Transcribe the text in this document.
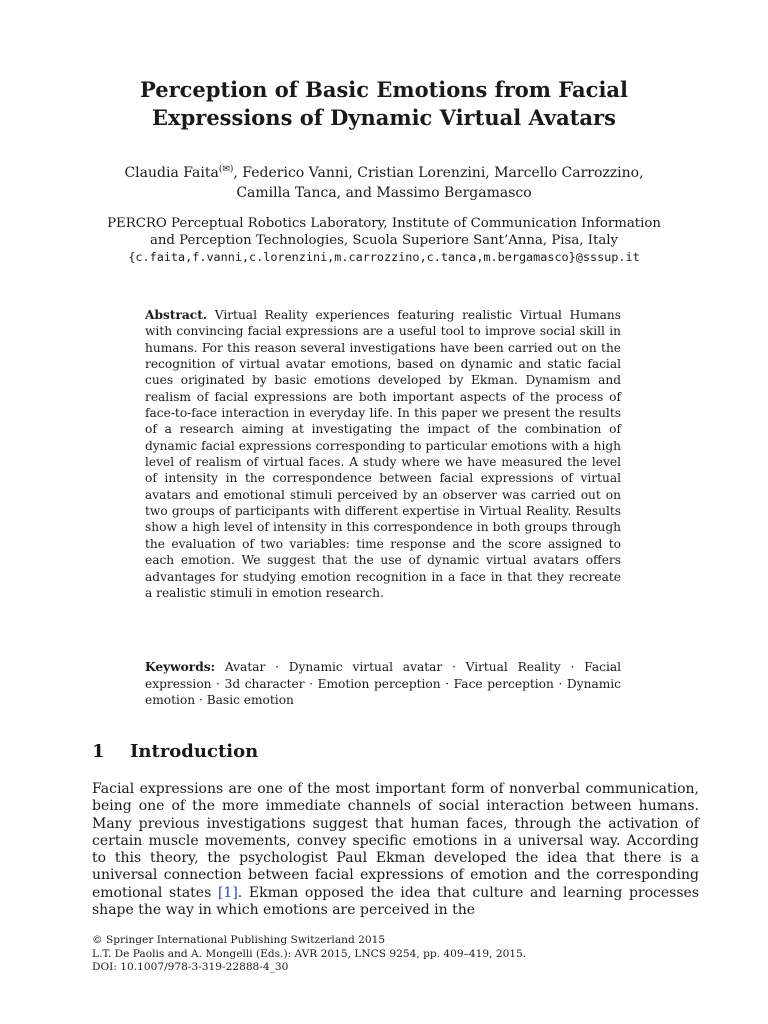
Perception of Basic Emotions from Facial
Expressions of Dynamic Virtual Avatars
Claudia Faita(✉), Federico Vanni, Cristian Lorenzini, Marcello Carrozzino,
Camilla Tanca, and Massimo Bergamasco
PERCRO Perceptual Robotics Laboratory, Institute of Communication Information
and Perception Technologies, Scuola Superiore Sant’Anna, Pisa, Italy
{c.faita,f.vanni,c.lorenzini,m.carrozzino,c.tanca,m.bergamasco}@sssup.it

Abstract. Virtual Reality experiences featuring realistic Virtual Humans with convincing facial expressions are a useful tool to improve social skill in humans. For this reason several investigations have been carried out on the recognition of virtual avatar emotions, based on dynamic and static facial cues originated by basic emotions developed by Ekman. Dynamism and realism of facial expressions are both important aspects of the process of face-to-face interaction in everyday life. In this paper we present the results of a research aiming at investigating the impact of the combination of dynamic facial expressions corresponding to particular emotions with a high level of realism of virtual faces. A study where we have measured the level of intensity in the correspondence between facial expressions of virtual avatars and emotional stimuli perceived by an observer was carried out on two groups of participants with different expertise in Virtual Reality. Results show a high level of intensity in this correspondence in both groups through the evaluation of two variables: time response and the score assigned to each emotion. We suggest that the use of dynamic virtual avatars offers advantages for studying emotion recognition in a face in that they recreate a realistic stimuli in emotion research.

Keywords: Avatar · Dynamic virtual avatar · Virtual Reality · Facial expression · 3d character · Emotion perception · Face perception · Dynamic emotion · Basic emotion

1 Introduction

Facial expressions are one of the most important form of nonverbal communication, being one of the more immediate channels of social interaction between humans. Many previous investigations suggest that human faces, through the activation of certain muscle movements, convey specific emotions in a universal way. According to this theory, the psychologist Paul Ekman developed the idea that there is a universal connection between facial expressions of emotion and the corresponding emotional states [1]. Ekman opposed the idea that culture and learning processes shape the way in which emotions are perceived in the

© Springer International Publishing Switzerland 2015
L.T. De Paolis and A. Mongelli (Eds.): AVR 2015, LNCS 9254, pp. 409–419, 2015.
DOI: 10.1007/978-3-319-22888-4_30
